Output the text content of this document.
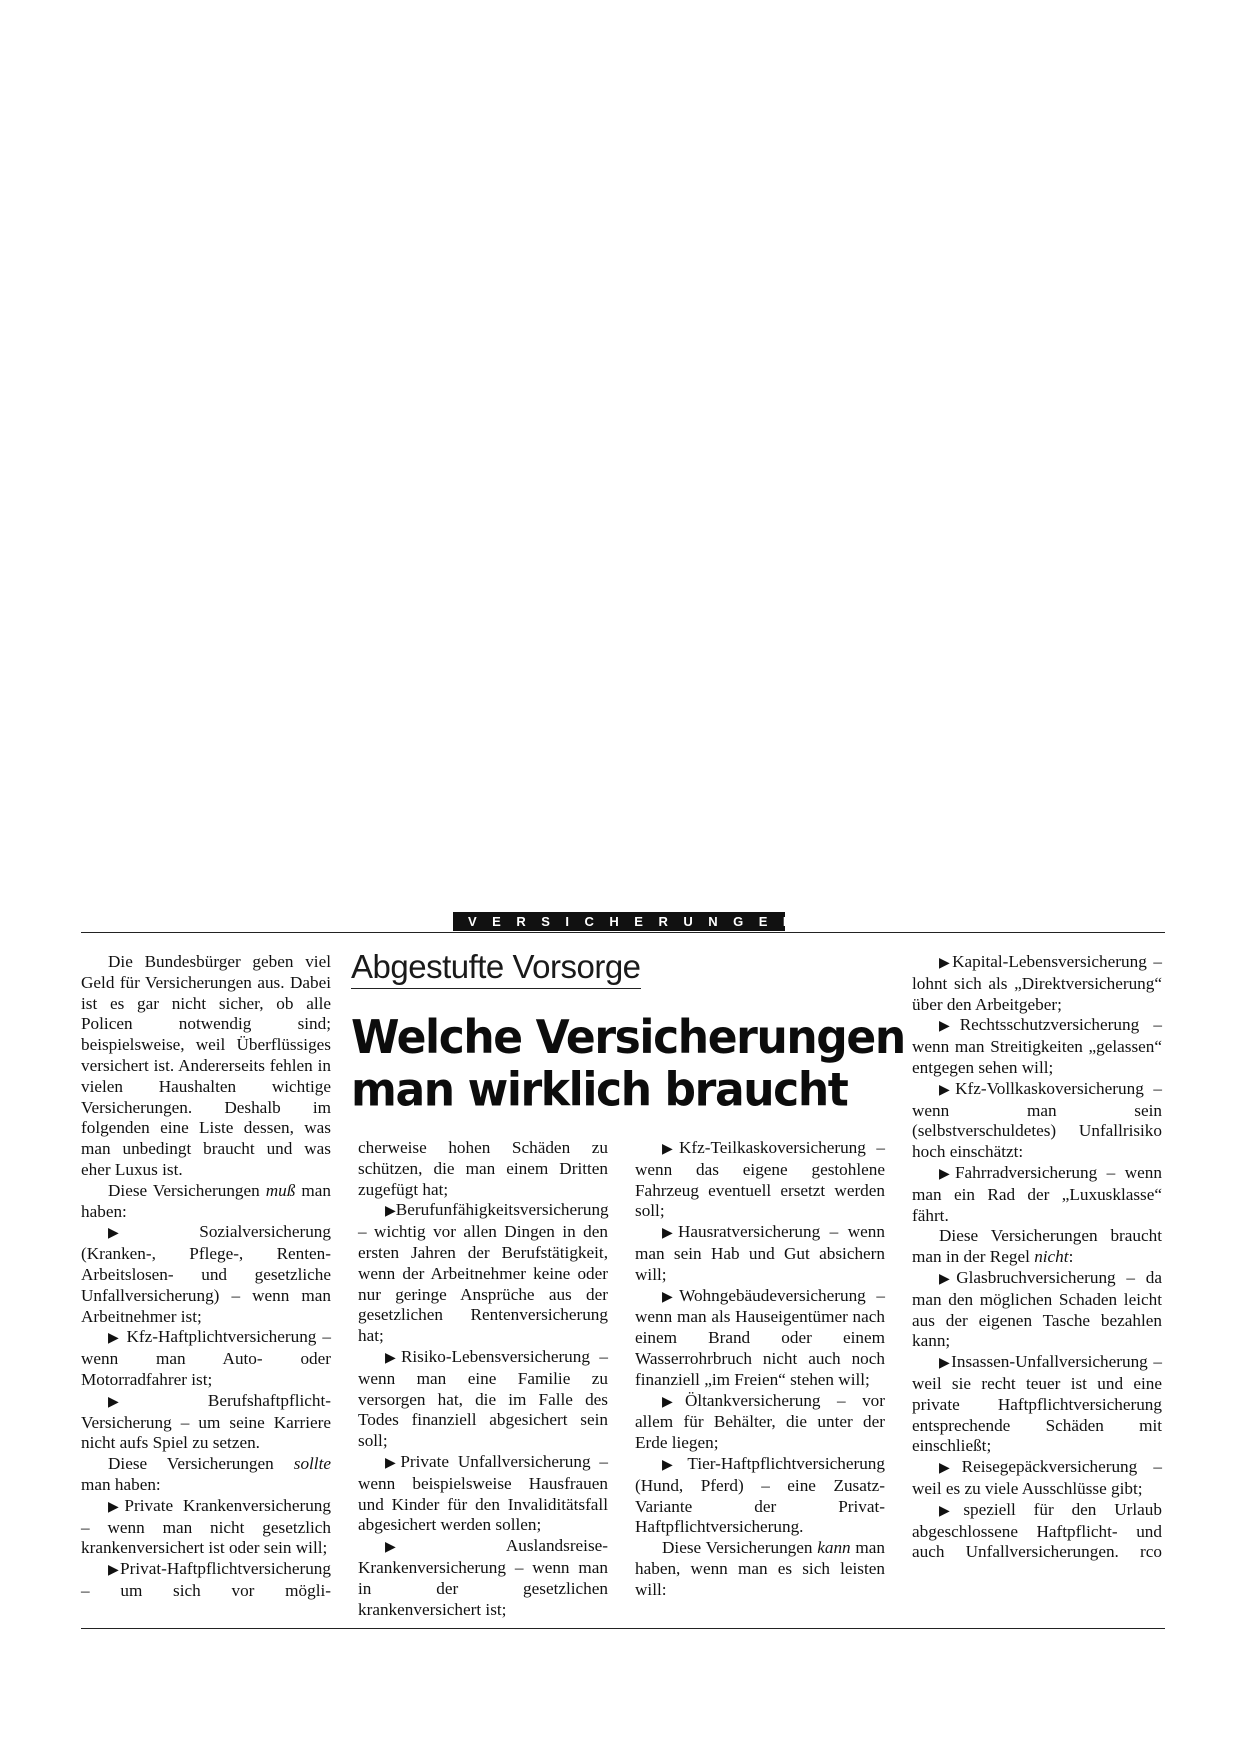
VERSICHERUNGEN
Abgestufte Vorsorge
Welche Versicherungen
man wirklich braucht

Die Bundesbürger geben viel Geld für Versicherungen aus. Dabei ist es gar nicht sicher, ob alle Policen notwendig sind; beispielsweise, weil Überflüssiges versichert ist. Andererseits fehlen in vielen Haushalten wichtige Versicherungen. Deshalb im folgenden eine Liste dessen, was man unbedingt braucht und was eher Luxus ist.

Diese Versicherungen muß man haben:

▶ Sozialversicherung (Kranken-, Pflege-, Renten- Arbeitslosen- und gesetzliche Unfallversicherung) – wenn man Arbeitnehmer ist;

▶ Kfz-Haftplichtversicherung – wenn man Auto- oder Motorradfahrer ist;

▶Berufshaftpflicht-Versicherung – um seine Karriere nicht aufs Spiel zu setzen.

Diese Versicherungen sollte man haben:

▶Private Krankenversicherung – wenn man nicht gesetzlich krankenversichert ist oder sein will;

▶Privat-Haftpflichtversicherung – um sich vor mögli-

cherweise hohen Schäden zu schützen, die man einem Dritten zugefügt hat;

▶Berufunfähigkeitsversicherung – wichtig vor allen Dingen in den ersten Jahren der Berufstätigkeit, wenn der Arbeitnehmer keine oder nur geringe Ansprüche aus der gesetzlichen Rentenversicherung hat;

▶Risiko-Lebensversicherung – wenn man eine Familie zu versorgen hat, die im Falle des Todes finanziell abgesichert sein soll;

▶Private Unfallversicherung – wenn beispielsweise Hausfrauen und Kinder für den Invaliditätsfall abgesichert werden sollen;

▶Auslandsreise-Krankenversicherung – wenn man in der gesetzlichen krankenversichert ist;

▶Kfz-Teilkaskoversicherung – wenn das eigene gestohlene Fahrzeug eventuell ersetzt werden soll;

▶Hausratversicherung – wenn man sein Hab und Gut absichern will;

▶Wohngebäudeversicherung – wenn man als Hauseigentümer nach einem Brand oder einem Wasserrohrbruch nicht auch noch finanziell „im Freien“ stehen will;

▶Öltankversicherung – vor allem für Behälter, die unter der Erde liegen;

▶Tier-Haftpflichtversicherung (Hund, Pferd) – eine Zusatz-Variante der Privat-Haftpflichtversicherung.

Diese Versicherungen kann man haben, wenn man es sich leisten will:

▶Kapital-Lebensversicherung – lohnt sich als „Direktversicherung“ über den Arbeitgeber;

▶Rechtsschutzversicherung – wenn man Streitigkeiten „gelassen“ entgegen sehen will;

▶Kfz-Vollkaskoversicherung – wenn man sein (selbstverschuldetes) Unfallrisiko hoch einschätzt:

▶Fahrradversicherung – wenn man ein Rad der „Luxusklasse“ fährt.

Diese Versicherungen braucht man in der Regel nicht:

▶Glasbruchversicherung – da man den möglichen Schaden leicht aus der eigenen Tasche bezahlen kann;

▶Insassen-Unfallversicherung – weil sie recht teuer ist und eine private Haftpflichtversicherung entsprechende Schäden mit einschließt;

▶Reisegepäckversicherung – weil es zu viele Ausschlüsse gibt;

▶speziell für den Urlaub abgeschlossene Haftpflicht- und auch Unfallversicherungen. rco
